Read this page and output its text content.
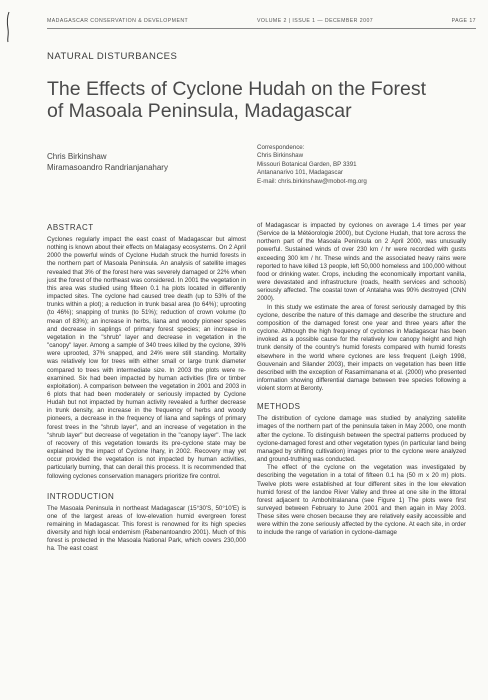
MADAGASCAR CONSERVATION & DEVELOPMENT	VOLUME 2 | ISSUE 1 — DECEMBER 2007	PAGE 17
NATURAL DISTURBANCES
The Effects of Cyclone Hudah on the Forest of Masoala Peninsula, Madagascar
Chris Birkinshaw
Miramasoandro Randrianjanahary
Correspondence:
Chris Birkinshaw
Missouri Botanical Garden, BP 3391
Antananarivo 101, Madagascar
E-mail: chris.birkinshaw@mobot-mg.org
ABSTRACT

Cyclones regularly impact the east coast of Madagascar but almost nothing is known about their effects on Malagasy ecosystems. On 2 April 2000 the powerful winds of Cyclone Hudah struck the humid forests in the northern part of Masoala Peninsula. An analysis of satellite images revealed that 3% of the forest here was severely damaged or 22% when just the forest of the northeast was considered. In 2001 the vegetation in this area was studied using fifteen 0.1 ha plots located in differently impacted sites. The cyclone had caused tree death (up to 53% of the trunks within a plot); a reduction in trunk basal area (to 64%); uprooting (to 46%); snapping of trunks (to 51%); reduction of crown volume (to mean of 83%); an increase in herbs, liana and woody pioneer species and decrease in saplings of primary forest species; an increase in vegetation in the "shrub" layer and decrease in vegetation in the "canopy" layer. Among a sample of 340 trees killed by the cyclone, 39% were uprooted, 37% snapped, and 24% were still standing. Mortality was relatively low for trees with either small or large trunk diameter compared to trees with intermediate size. In 2003 the plots were re-examined. Six had been impacted by human activities (fire or timber exploitation). A comparison between the vegetation in 2001 and 2003 in 6 plots that had been moderately or seriously impacted by Cyclone Hudah but not impacted by human activity revealed a further decrease in trunk density, an increase in the frequency of herbs and woody pioneers, a decrease in the frequency of liana and saplings of primary forest trees in the "shrub layer", and an increase of vegetation in the "shrub layer" but decrease of vegetation in the "canopy layer". The lack of recovery of this vegetation towards its pre-cyclone state may be explained by the impact of Cyclone Ihary, in 2002. Recovery may yet occur provided the vegetation is not impacted by human activities, particularly burning, that can derail this process. It is recommended that following cyclones conservation managers prioritize fire control.

INTRODUCTION

The Masoala Peninsula in northeast Madagascar (15°30'S, 50°10'E) is one of the largest areas of low-elevation humid evergreen forest remaining in Madagascar. This forest is renowned for its high species diversity and high local endemism (Rabenantoandro 2001). Much of this forest is protected in the Masoala National Park, which covers 230,000 ha. The east coast

of Madagascar is impacted by cyclones on average 1.4 times per year (Service de la Météorologie 2000), but Cyclone Hudah, that tore across the northern part of the Masoala Peninsula on 2 April 2000, was unusually powerful. Sustained winds of over 230 km / hr were recorded with gusts exceeding 300 km / hr. These winds and the associated heavy rains were reported to have killed 13 people, left 50,000 homeless and 100,000 without food or drinking water. Crops, including the economically important vanilla, were devastated and infrastructure (roads, health services and schools) seriously affected. The coastal town of Antalaha was 90% destroyed (CNN 2000).

In this study we estimate the area of forest seriously damaged by this cyclone, describe the nature of this damage and describe the structure and composition of the damaged forest one year and three years after the cyclone. Although the high frequency of cyclones in Madagascar has been invoked as a possible cause for the relatively low canopy height and high trunk density of the country's humid forests compared with humid forests elsewhere in the world where cyclones are less frequent (Leigh 1998, Gouvenain and Silander 2003), their impacts on vegetation has been little described with the exception of Rasamimanana et al. (2000) who presented information showing differential damage between tree species following a violent storm at Beronty.

METHODS

The distribution of cyclone damage was studied by analyzing satellite images of the northern part of the peninsula taken in May 2000, one month after the cyclone. To distinguish between the spectral patterns produced by cyclone-damaged forest and other vegetation types (in particular land being managed by shifting cultivation) images prior to the cyclone were analyzed and ground-truthing was conducted.

The effect of the cyclone on the vegetation was investigated by describing the vegetation in a total of fifteen 0.1 ha (50 m x 20 m) plots. Twelve plots were established at four different sites in the low elevation humid forest of the Iandoe River Valley and three at one site in the littoral forest adjacent to Ambohitralanana (see Figure 1) The plots were first surveyed between February to June 2001 and then again in May 2003. These sites were chosen because they are relatively easily accessible and were within the zone seriously affected by the cyclone. At each site, in order to include the range of variation in cyclone-damage
